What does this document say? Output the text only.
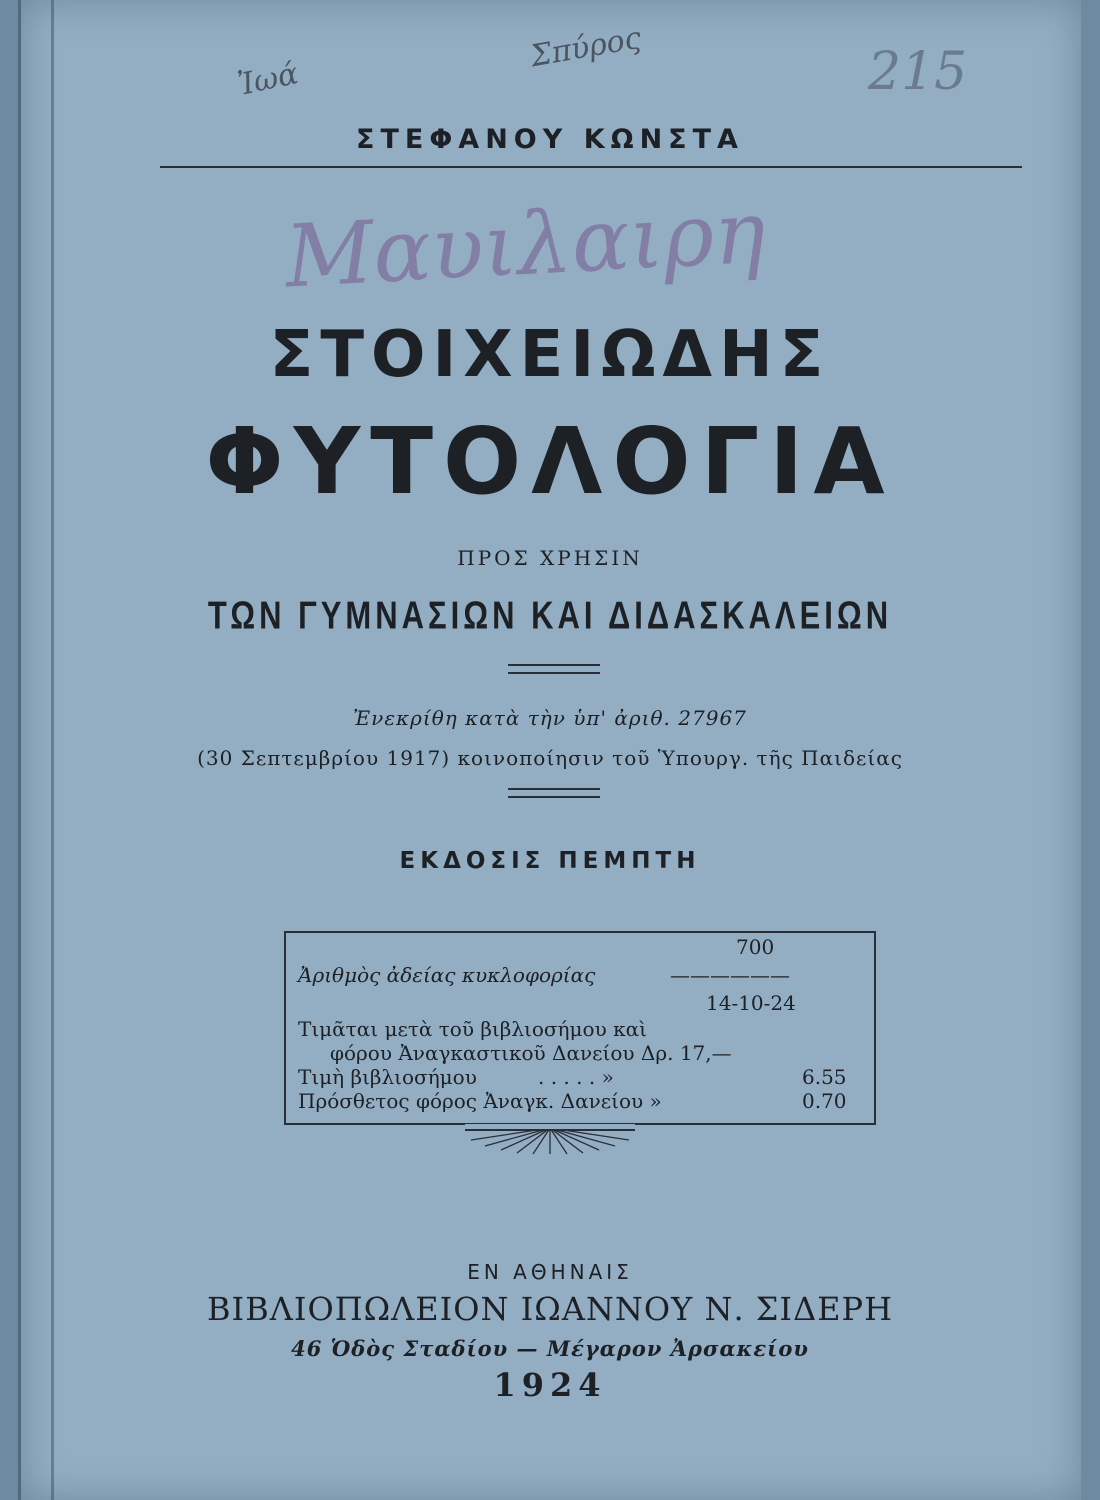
Ἰωά
Σπύρος	215
Μαυιλαιρη
ΣΤΕΦΑΝΟΥ ΚΩΝΣΤΑ
ΣΤΟΙΧΕΙΩΔΗΣ
ΦΥΤΟΛΟΓΙΑ
ΠΡΟΣ ΧΡΗΣΙΝ
ΤΩΝ ΓΥΜΝΑΣΙΩΝ ΚΑΙ ΔΙΔΑΣΚΑΛΕΙΩΝ
Ἐνεκρίθη κατὰ τὴν ὑπ' ἀριθ. 27967
(30 Σεπτεμβρίου 1917) κοινοποίησιν τοῦ Ὑπουργ. τῆς Παιδείας
ΕΚΔΟΣΙΣ ΠΕΜΠΤΗ
700
Ἀριθμὸς ἀδείας κυκλοφορίας	——————
14-10-24
Τιμᾶται μετὰ τοῦ βιβλιοσήμου καὶ
φόρου Ἀναγκαστικοῦ Δανείου Δρ. 17,—
Τιμὴ βιβλιοσήμου	. . . . . »	6.55
Πρόσθετος φόρος Ἀναγκ. Δανείου »	0.70
ΕΝ ΑΘΗΝΑΙΣ
ΒΙΒΛΙΟΠΩΛΕΙΟΝ ΙΩΑΝΝΟΥ Ν. ΣΙΔΕΡΗ
46 Ὁδὸς Σταδίου — Μέγαρον Ἀρσακείου
1924
